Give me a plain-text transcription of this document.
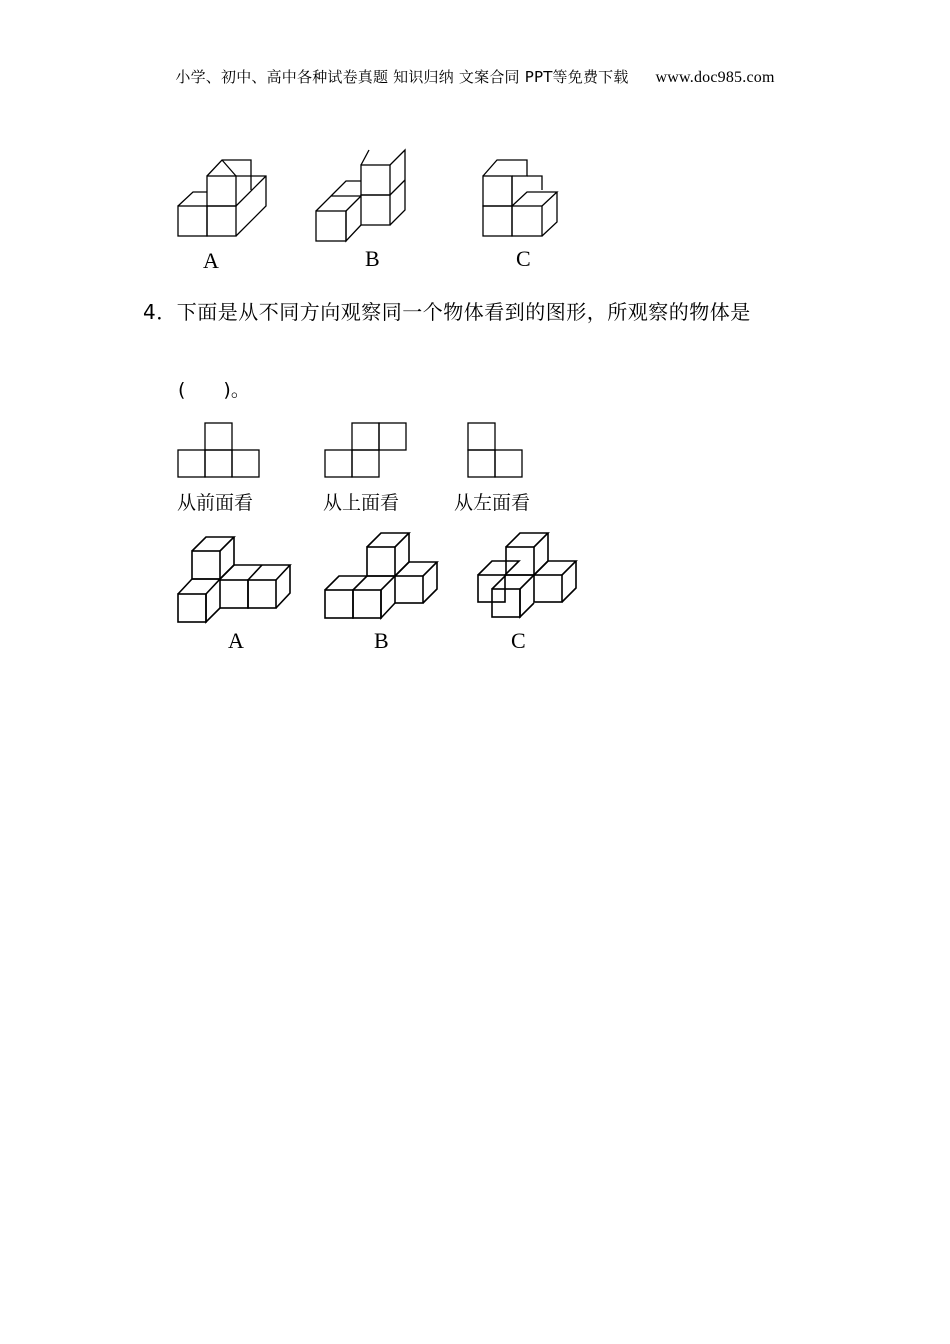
小学、初中、高中各种试卷真题 知识归纳 文案合同 PPT等免费下载 www.doc985.com
A	B	C
4．下面是从不同方向观察同一个物体看到的图形，所观察的物体是
(　　)。
从前面看	从上面看	从左面看
A	B	C
